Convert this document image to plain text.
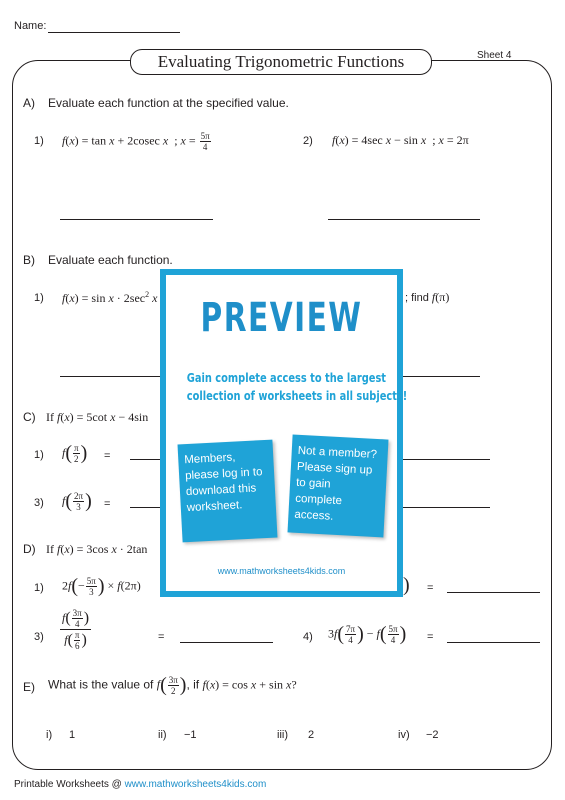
Name:
Sheet 4
Evaluating Trigonometric Functions
A) Evaluate each function at the specified value.
1) f(x) = tan x + 2cosec x  ; $x = \frac{5\pi}{4}$	2) f(x) = 4sec x − sin x  ; x = 2π
B) Evaluate each function.
1) $f(x) = \sin x \cdot 2\sec^2$ x	; find f(π)
C) If f(x) = 5cot x − 4sin
1) $f( \frac{\pi}{2}$ ) =
3) $f( \frac{2\pi}{3}$ ) =
D) If f(x) = 3cos x · 2tan
1) $2f(- \frac{5\pi}{3}$ ) × f(2π)	) =
$3) \frac{f( \frac{3\pi}{4} )}{f( \frac{\pi}{6} )}$	=	4) $3f( \frac{7\pi}{4}$ ) − $f( \frac{5\pi}{4}$ ) =
E) What is the value of $f( \frac{3\pi}{2}$ ), if f(x) = cos x + sin x?
i) 1	ii) −1	iii) 2	iv) −2
Printable Worksheets @ www.mathworksheets4kids.com
PREVIEW
Gain complete access to the largest
collection of worksheets in all subjects!
Members, please log in to download this worksheet.
Not a member? Please sign up to gain complete access.
www.mathworksheets4kids.com
